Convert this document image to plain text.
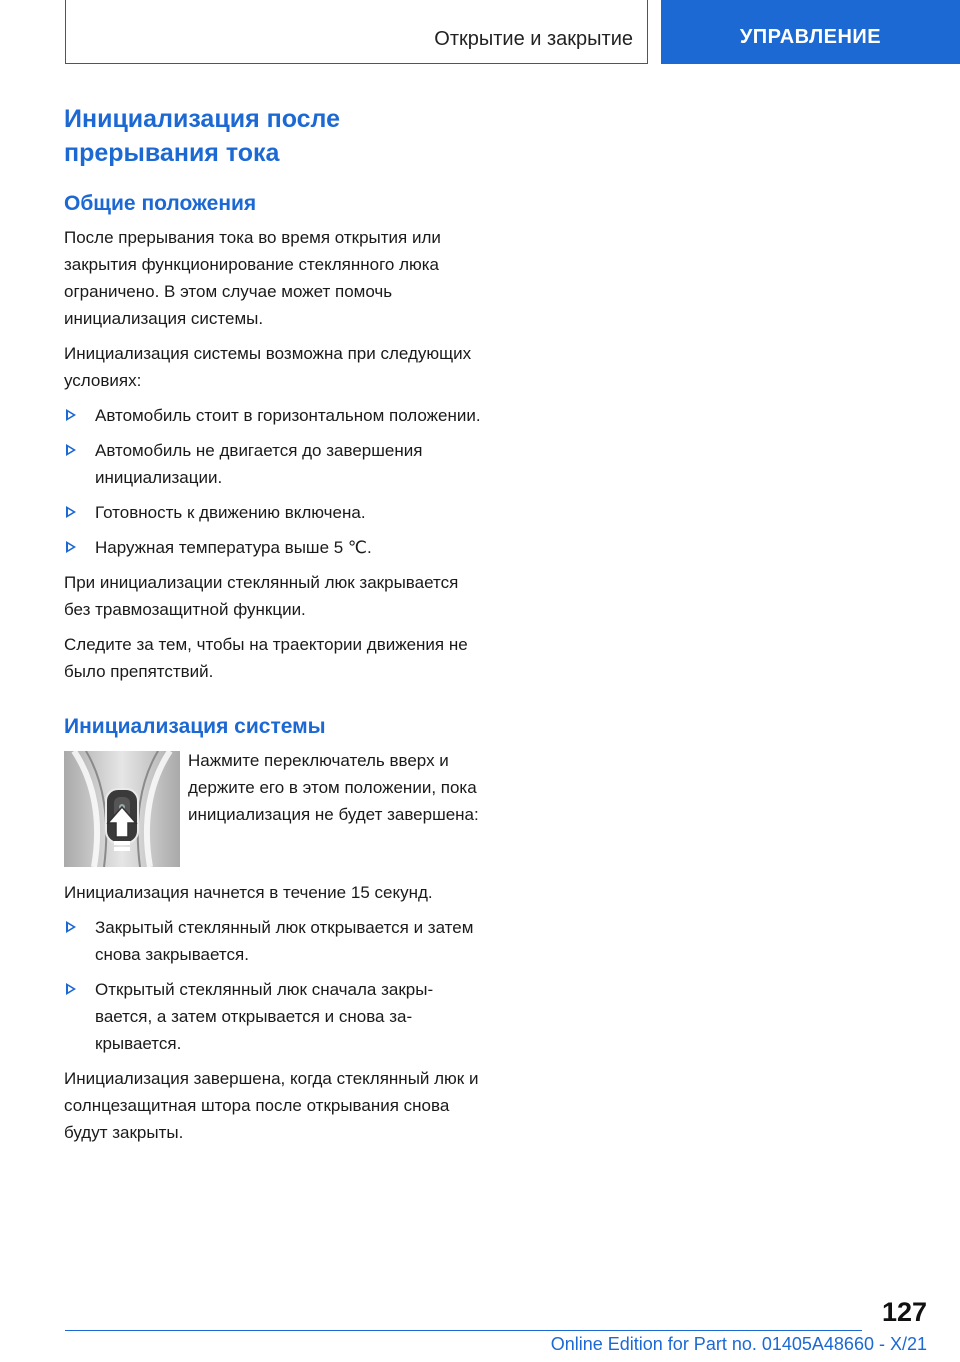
Открытие и закрытие	УПРАВЛЕНИЕ
Инициализация после
прерывания тока
Общие положения

После прерывания тока во время открытия или закрытия функционирование стеклянного люка ограничено. В этом случае может помочь инициализация системы.

Инициализация системы возможна при следующих условиях:

Автомобиль стоит в горизонтальном положении.
Автомобиль не двигается до завершения инициализации.
Готовность к движению включена.
Наружная температура выше 5 ℃.

При инициализации стеклянный люк закрывается без травмозащитной функции.

Следите за тем, чтобы на траектории движения не было препятствий.

Инициализация системы

Нажмите переключатель вверх и держите его в этом положении, пока инициализация не будет завершена:

Инициализация начнется в течение 15 секунд.

Закрытый стеклянный люк открывается и затем снова закрывается.
Открытый стеклянный люк сначала закрывается, а затем открывается и снова закрывается.

Инициализация завершена, когда стеклянный люк и солнцезащитная штора после открывания снова будут закрыты.

127
Online Edition for Part no. 01405A48660 - X/21
